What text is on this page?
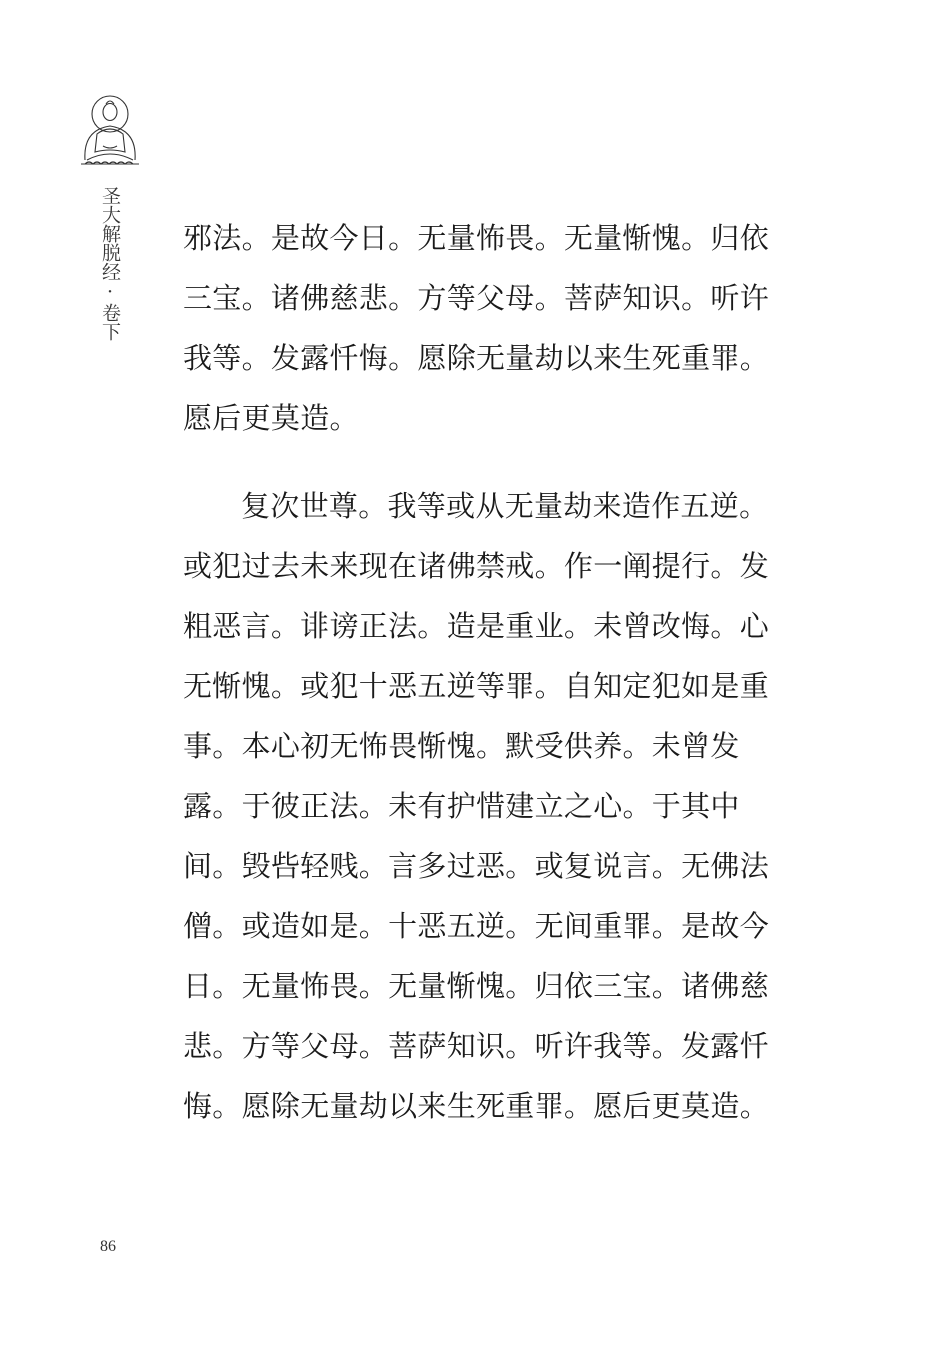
圣大解脱经·卷下 邪法。是故今日。无量怖畏。无量惭愧。归依
三宝。诸佛慈悲。方等父母。菩萨知识。听许
我等。发露忏悔。愿除无量劫以来生死重罪。
愿后更莫造。
复次世尊。我等或从无量劫来造作五逆。
或犯过去未来现在诸佛禁戒。作一阐提行。发
粗恶言。诽谤正法。造是重业。未曾改悔。心
无惭愧。或犯十恶五逆等罪。自知定犯如是重
事。本心初无怖畏惭愧。默受供养。未曾发
露。于彼正法。未有护惜建立之心。于其中
间。毁呰轻贱。言多过恶。或复说言。无佛法
僧。或造如是。十恶五逆。无间重罪。是故今
日。无量怖畏。无量惭愧。归依三宝。诸佛慈
悲。方等父母。菩萨知识。听许我等。发露忏
悔。愿除无量劫以来生死重罪。愿后更莫造。
86
